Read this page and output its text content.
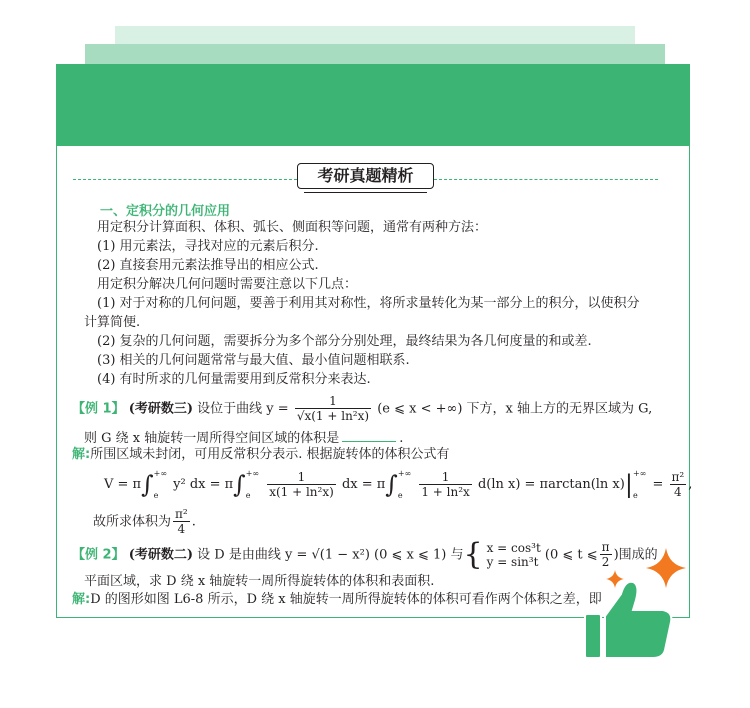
考研真题精析
一、定积分的几何应用
用定积分计算面积、体积、弧长、侧面积等问题，通常有两种方法：
(1) 用元素法，寻找对应的元素后积分.
(2) 直接套用元素法推导出的相应公式.
用定积分解决几何问题时需要注意以下几点：
(1) 对于对称的几何问题，要善于利用其对称性，将所求量转化为某一部分上的积分，以使积分
计算简便.
(2) 复杂的几何问题，需要拆分为多个部分分别处理，最终结果为各几何度量的和或差.
(3) 相关的几何问题常常与最大值、最小值问题相联系.
(4) 有时所求的几何量需要用到反常积分来表达.
【例 1】 (考研数三) 设位于曲线 $y = \frac{1}{\text{√x(1 + ln²x)}} (e$ ⩽ x < +∞) 下方，x 轴上方的无界区域为 G,
则 G 绕 x 轴旋转一周所得空间区域的体积是	.
解:所围区域未封闭，可用反常积分表示. 根据旋转体的体积公式有
V = π∫+∞

e y² dx = π∫+∞

e $\frac{1}{\text{x(1 + ln²x)}}$ dx = π∫+∞

e $\frac{1}{\text{1 + ln²x}} d(\ln$ x) = πarctan(ln x)|+∞

$e = \frac{\text{π²}}{4}$ ,
故所求体积为 $\frac{\text{π²}}{4}$ .
【例 2】 (考研数二) 设 D 是由曲线 y = √(1 − x²) (0 ⩽ x ⩽ 1) 与{ x = cos³t
y = sin³t (0 ⩽ t ⩽ $\frac{\pi}{2}$ )围成的
平面区域，求 D 绕 x 轴旋转一周所得旋转体的体积和表面积.
解:D 的图形如图 L6-8 所示，D 绕 x 轴旋转一周所得旋转体的体积可看作两个体积之差，即
